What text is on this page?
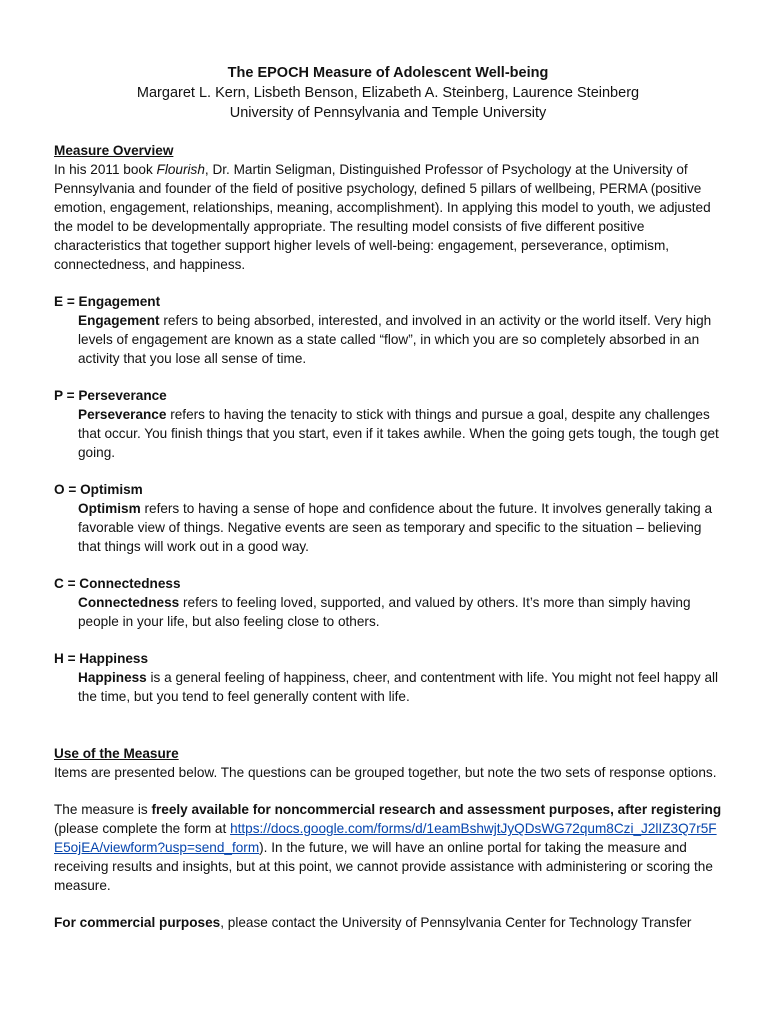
The EPOCH Measure of Adolescent Well-being
Margaret L. Kern, Lisbeth Benson, Elizabeth A. Steinberg, Laurence Steinberg
University of Pennsylvania and Temple University
Measure Overview

In his 2011 book Flourish, Dr. Martin Seligman, Distinguished Professor of Psychology at the University of Pennsylvania and founder of the field of positive psychology, defined 5 pillars of wellbeing, PERMA (positive emotion, engagement, relationships, meaning, accomplishment). In applying this model to youth, we adjusted the model to be developmentally appropriate. The resulting model consists of five different positive characteristics that together support higher levels of well-being: engagement, perseverance, optimism, connectedness, and happiness.

E = Engagement

Engagement refers to being absorbed, interested, and involved in an activity or the world itself. Very high levels of engagement are known as a state called “flow”, in which you are so completely absorbed in an activity that you lose all sense of time.

P = Perseverance

Perseverance refers to having the tenacity to stick with things and pursue a goal, despite any challenges that occur. You finish things that you start, even if it takes awhile. When the going gets tough, the tough get going.

O = Optimism

Optimism refers to having a sense of hope and confidence about the future. It involves generally taking a favorable view of things. Negative events are seen as temporary and specific to the situation – believing that things will work out in a good way.

C = Connectedness

Connectedness refers to feeling loved, supported, and valued by others. It’s more than simply having people in your life, but also feeling close to others.

H = Happiness

Happiness is a general feeling of happiness, cheer, and contentment with life. You might not feel happy all the time, but you tend to feel generally content with life.

Use of the Measure

Items are presented below. The questions can be grouped together, but note the two sets of response options.

The measure is freely available for noncommercial research and assessment purposes, after registering (please complete the form at https://docs.google.com/forms/d/1eamBshwjtJyQDsWG72qum8Czi_J2lIZ3Q7r5FE5ojEA/viewform?usp=send_form). In the future, we will have an online portal for taking the measure and receiving results and insights, but at this point, we cannot provide assistance with administering or scoring the measure.

For commercial purposes, please contact the University of Pennsylvania Center for Technology Transfer
